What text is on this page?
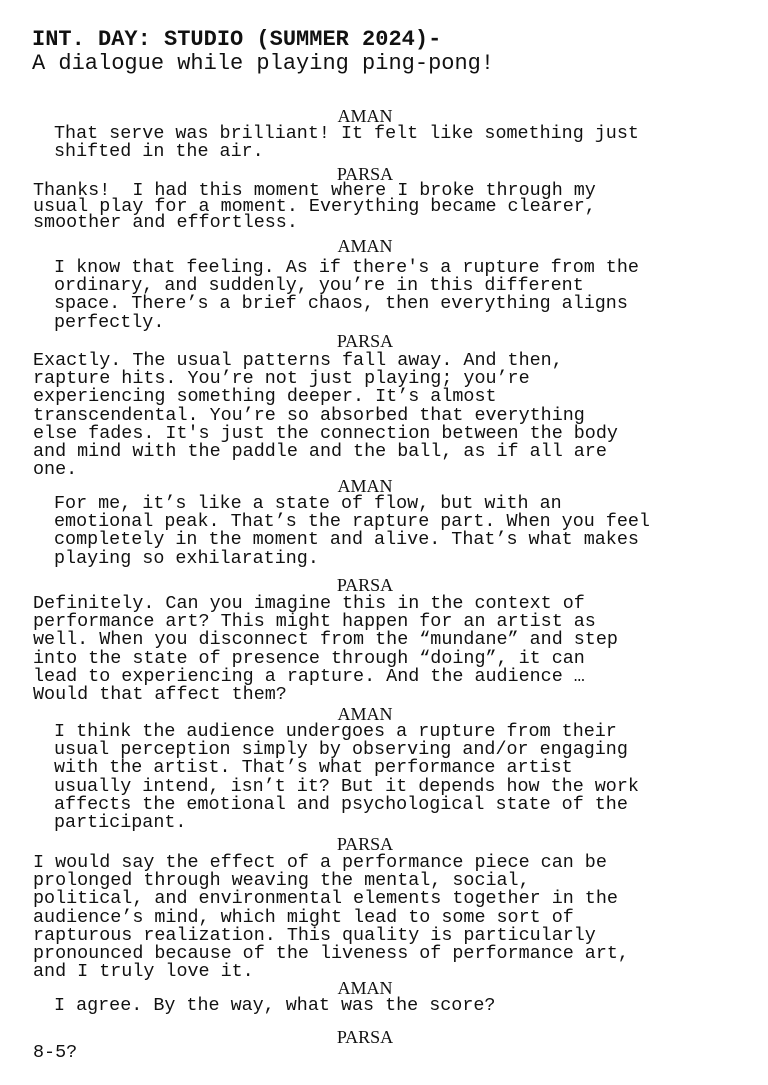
INT. DAY: STUDIO (SUMMER 2024)-
A dialogue while playing ping-pong!
AMAN
That serve was brilliant! It felt like something just
shifted in the air.
PARSA
Thanks!  I had this moment where I broke through my
usual play for a moment. Everything became clearer,
smoother and effortless.
AMAN
I know that feeling. As if there's a rupture from the
ordinary, and suddenly, you’re in this different
space. There’s a brief chaos, then everything aligns
perfectly.
PARSA
Exactly. The usual patterns fall away. And then,
rapture hits. You’re not just playing; you’re
experiencing something deeper. It’s almost
transcendental. You’re so absorbed that everything
else fades. It's just the connection between the body
and mind with the paddle and the ball, as if all are
one.
AMAN
For me, it’s like a state of flow, but with an
emotional peak. That’s the rapture part. When you feel
completely in the moment and alive. That’s what makes
playing so exhilarating.
PARSA
Definitely. Can you imagine this in the context of
performance art? This might happen for an artist as
well. When you disconnect from the “mundane” and step
into the state of presence through “doing”, it can
lead to experiencing a rapture. And the audience …
Would that affect them?
AMAN
I think the audience undergoes a rupture from their
usual perception simply by observing and/or engaging
with the artist. That’s what performance artist
usually intend, isn’t it? But it depends how the work
affects the emotional and psychological state of the
participant.
PARSA
I would say the effect of a performance piece can be
prolonged through weaving the mental, social,
political, and environmental elements together in the
audience’s mind, which might lead to some sort of
rapturous realization. This quality is particularly
pronounced because of the liveness of performance art,
and I truly love it.
AMAN
I agree. By the way, what was the score?
PARSA
8-5?
